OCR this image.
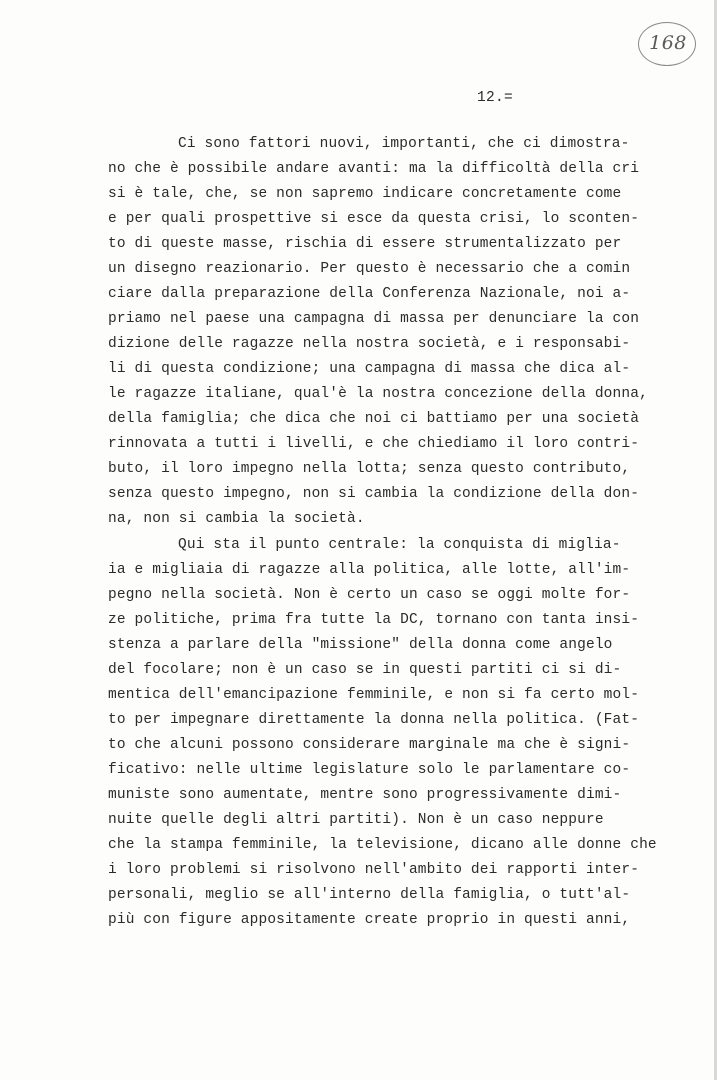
168
12.=
Ci sono fattori nuovi, importanti, che ci dimostra-
no che è possibile andare avanti: ma la difficoltà della cri
si è tale, che, se non sapremo indicare concretamente come
e per quali prospettive si esce da questa crisi, lo sconten-
to di queste masse, rischia di essere strumentalizzato per
un disegno reazionario. Per questo è necessario che a comin
ciare dalla preparazione della Conferenza Nazionale, noi a-
priamo nel paese una campagna di massa per denunciare la con
dizione delle ragazze nella nostra società, e i responsabi-
li di questa condizione; una campagna di massa che dica al-
le ragazze italiane, qual'è la nostra concezione della donna,
della famiglia; che dica che noi ci battiamo per una società
rinnovata a tutti i livelli, e che chiediamo il loro contri-
buto, il loro impegno nella lotta; senza questo contributo,
senza questo impegno, non si cambia la condizione della don-
na, non si cambia la società.
Qui sta il punto centrale: la conquista di miglia-
ia e migliaia di ragazze alla politica, alle lotte, all'im-
pegno nella società. Non è certo un caso se oggi molte for-
ze politiche, prima fra tutte la DC, tornano con tanta insi-
stenza a parlare della "missione" della donna come angelo
del focolare; non è un caso se in questi partiti ci si di-
mentica dell'emancipazione femminile, e non si fa certo mol-
to per impegnare direttamente la donna nella politica. (Fat-
to che alcuni possono considerare marginale ma che è signi-
ficativo: nelle ultime legislature solo le parlamentare co-
muniste sono aumentate, mentre sono progressivamente dimi-
nuite quelle degli altri partiti). Non è un caso neppure
che la stampa femminile, la televisione, dicano alle donne che
i loro problemi si risolvono nell'ambito dei rapporti inter-
personali, meglio se all'interno della famiglia, o tutt'al-
più con figure appositamente create proprio in questi anni,
